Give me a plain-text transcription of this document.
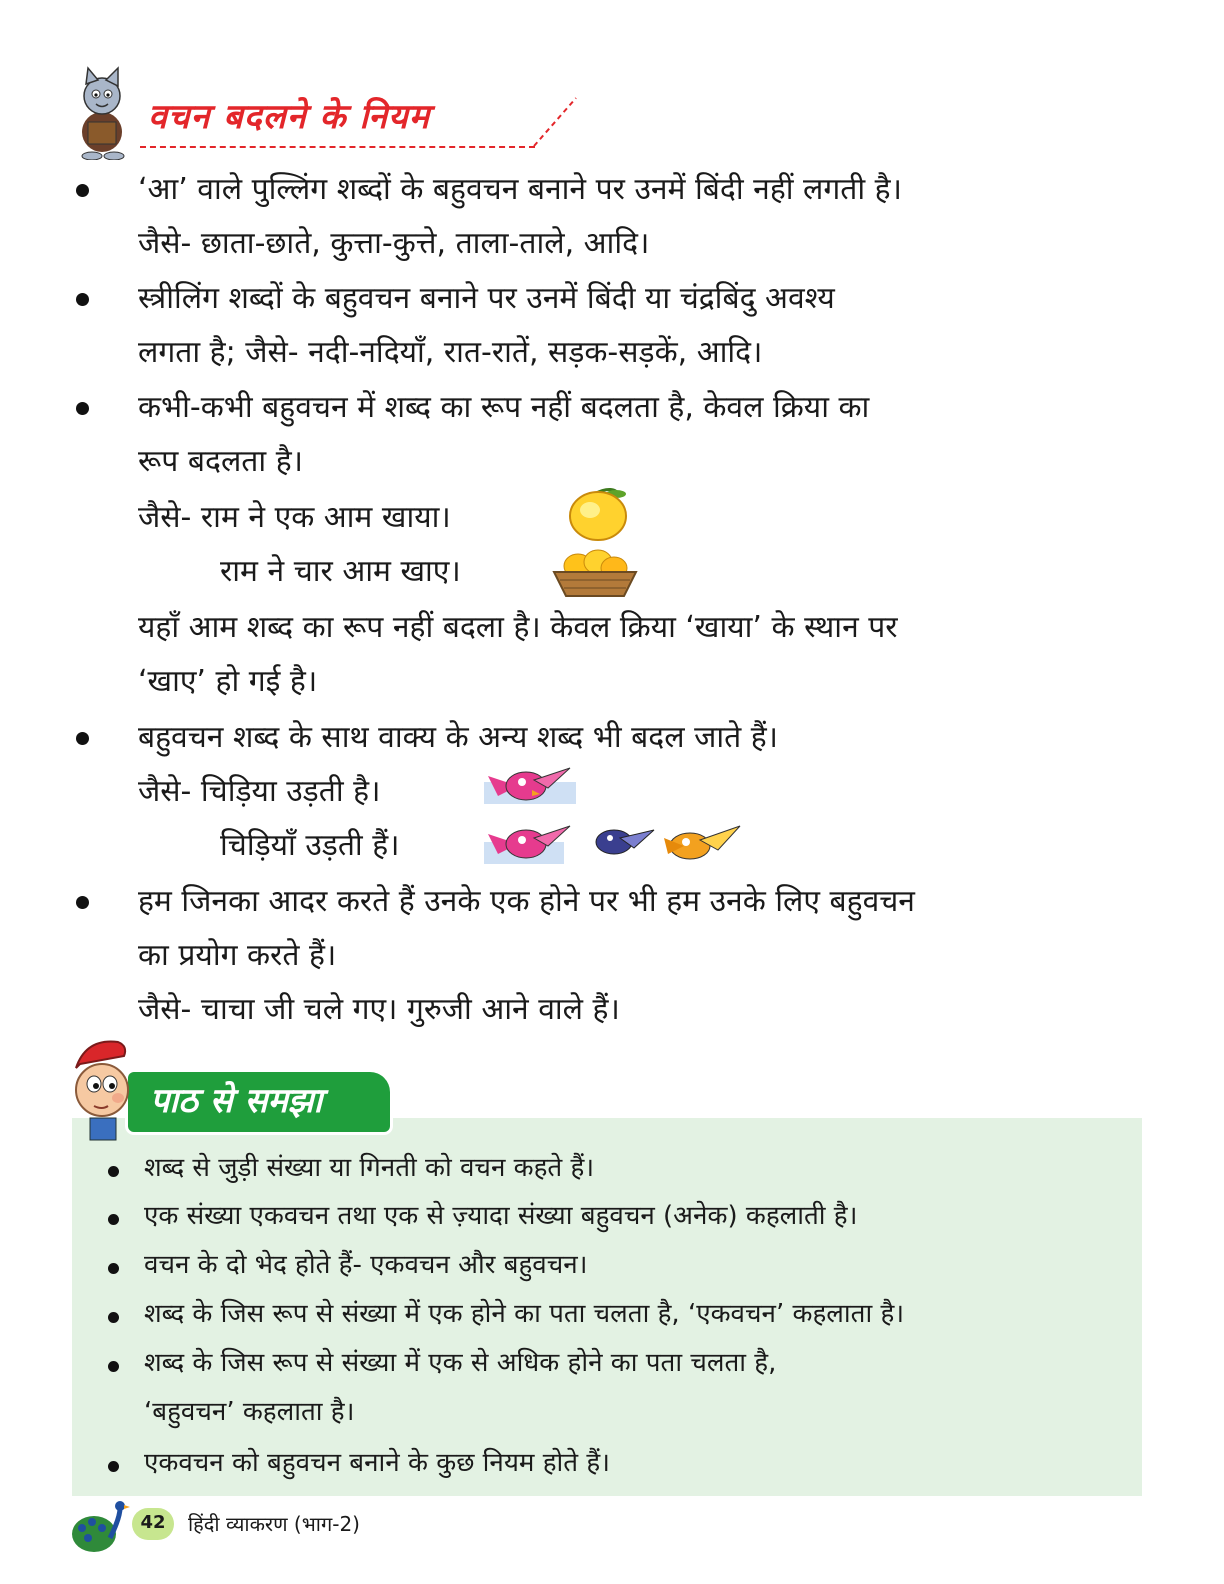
वचन बदलने के नियम
‘आ’ वाले पुल्लिंग शब्दों के बहुवचन बनाने पर उनमें बिंदी नहीं लगती है।
जैसे- छाता-छाते, कुत्ता-कुत्ते, ताला-ताले, आदि।
स्त्रीलिंग शब्दों के बहुवचन बनाने पर उनमें बिंदी या चंद्रबिंदु अवश्य
लगता है; जैसे- नदी-नदियाँ, रात-रातें, सड़क-सड़कें, आदि।
कभी-कभी बहुवचन में शब्द का रूप नहीं बदलता है, केवल क्रिया का
रूप बदलता है।
जैसे- राम ने एक आम खाया।
राम ने चार आम खाए।
यहाँ आम शब्द का रूप नहीं बदला है। केवल क्रिया ‘खाया’ के स्थान पर
‘खाए’ हो गई है।
बहुवचन शब्द के साथ वाक्य के अन्य शब्द भी बदल जाते हैं।
जैसे- चिड़िया उड़ती है।
चिड़ियाँ उड़ती हैं।
हम जिनका आदर करते हैं उनके एक होने पर भी हम उनके लिए बहुवचन
का प्रयोग करते हैं।
जैसे- चाचा जी चले गए। गुरुजी आने वाले हैं।
पाठ से समझा
शब्द से जुड़ी संख्या या गिनती को वचन कहते हैं।
एक संख्या एकवचन तथा एक से ज़्यादा संख्या बहुवचन (अनेक) कहलाती है।
वचन के दो भेद होते हैं- एकवचन और बहुवचन।
शब्द के जिस रूप से संख्या में एक होने का पता चलता है, ‘एकवचन’ कहलाता है।
शब्द के जिस रूप से संख्या में एक से अधिक होने का पता चलता है,
‘बहुवचन’ कहलाता है।
एकवचन को बहुवचन बनाने के कुछ नियम होते हैं।
42 हिंदी व्याकरण (भाग-2)
